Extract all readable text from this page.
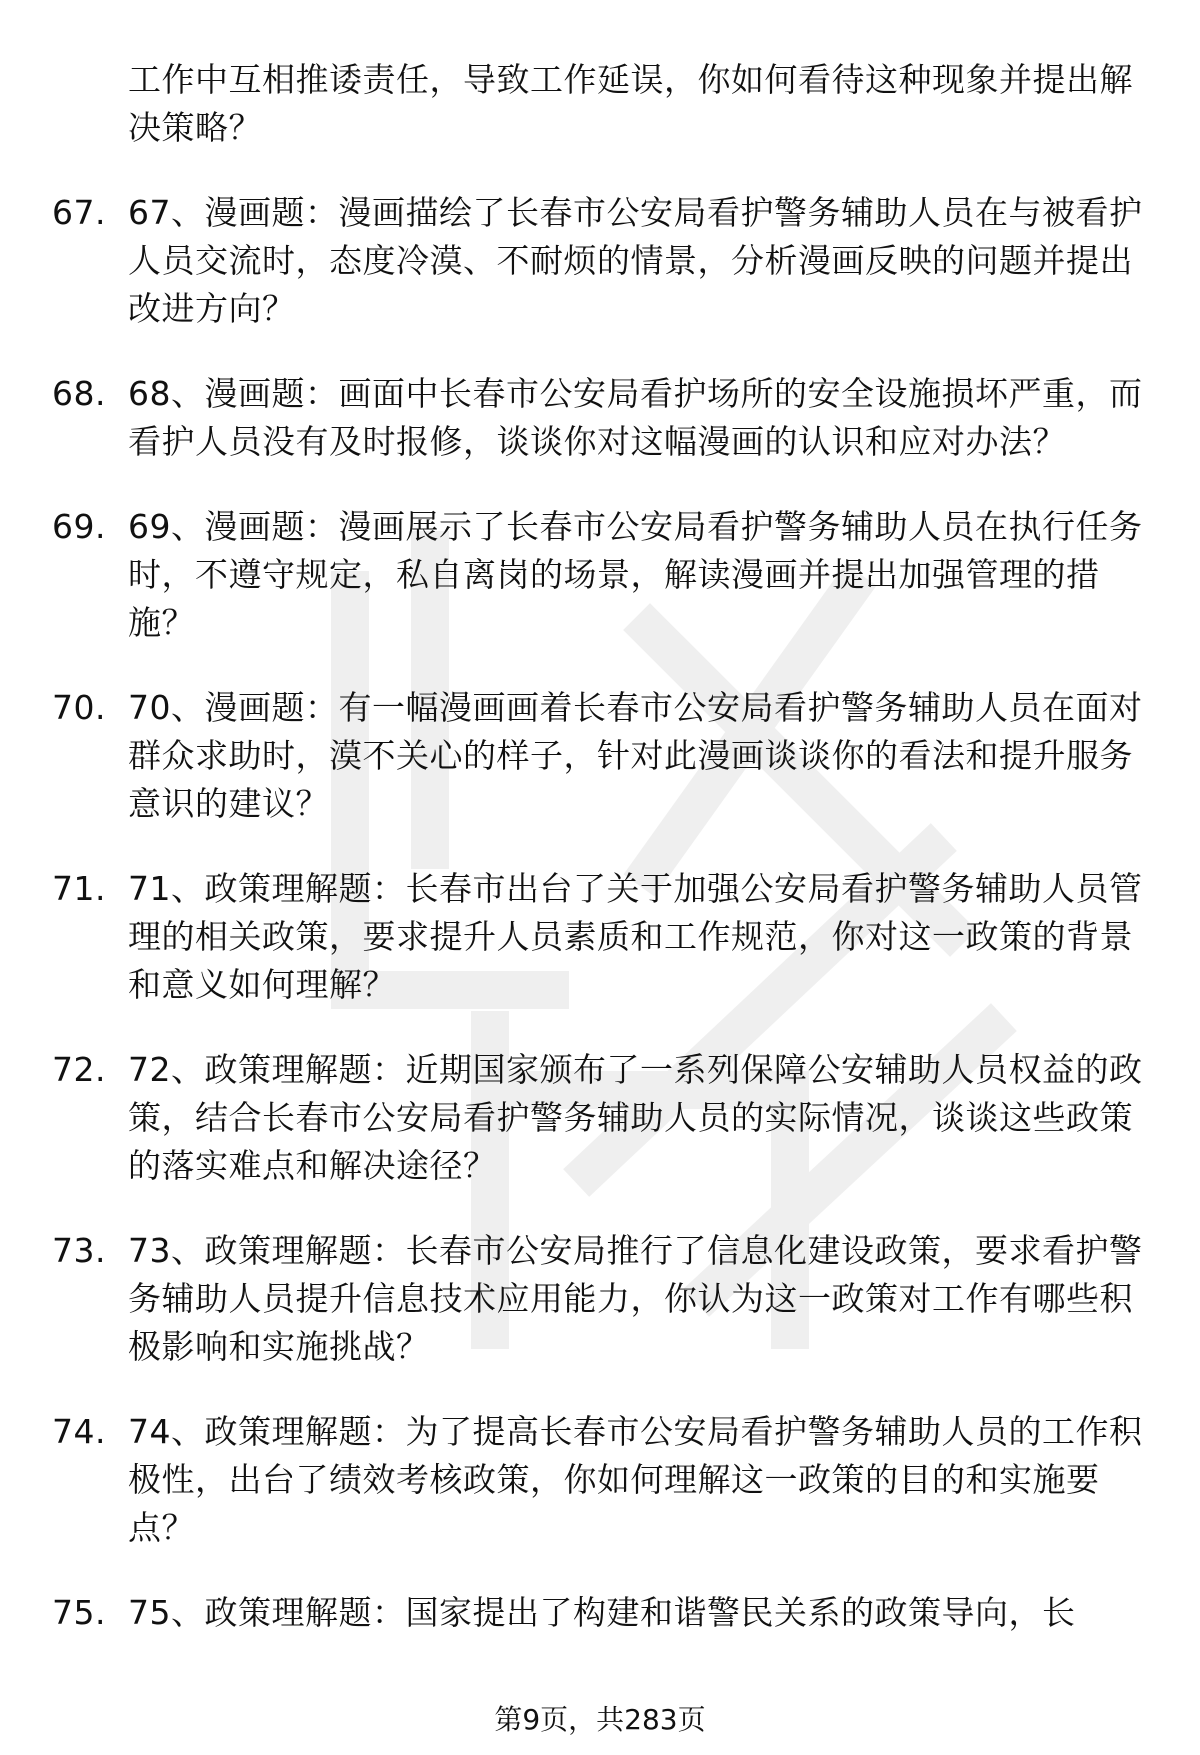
工作中互相推诿责任，导致工作延误，你如何看待这种现象并提出解决策略？
67. 67、漫画题：漫画描绘了长春市公安局看护警务辅助人员在与被看护人员交流时，态度冷漠、不耐烦的情景，分析漫画反映的问题并提出改进方向？
68. 68、漫画题：画面中长春市公安局看护场所的安全设施损坏严重，而看护人员没有及时报修，谈谈你对这幅漫画的认识和应对办法？
69. 69、漫画题：漫画展示了长春市公安局看护警务辅助人员在执行任务时，不遵守规定，私自离岗的场景，解读漫画并提出加强管理的措施？
70. 70、漫画题：有一幅漫画画着长春市公安局看护警务辅助人员在面对群众求助时，漠不关心的样子，针对此漫画谈谈你的看法和提升服务意识的建议？
71. 71、政策理解题：长春市出台了关于加强公安局看护警务辅助人员管理的相关政策，要求提升人员素质和工作规范，你对这一政策的背景和意义如何理解？
72. 72、政策理解题：近期国家颁布了一系列保障公安辅助人员权益的政策，结合长春市公安局看护警务辅助人员的实际情况，谈谈这些政策的落实难点和解决途径？
73. 73、政策理解题：长春市公安局推行了信息化建设政策，要求看护警务辅助人员提升信息技术应用能力，你认为这一政策对工作有哪些积极影响和实施挑战？
74. 74、政策理解题：为了提高长春市公安局看护警务辅助人员的工作积极性，出台了绩效考核政策，你如何理解这一政策的目的和实施要点？
75. 75、政策理解题：国家提出了构建和谐警民关系的政策导向，长
第9页，共283页
